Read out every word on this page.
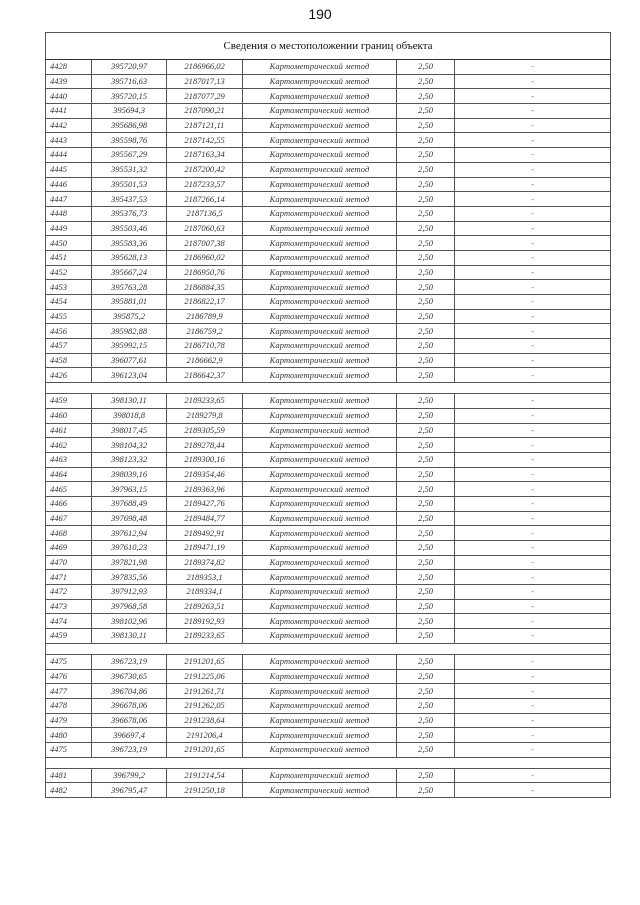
190
Сведения о местоположении границ объекта					
4428	395720,97	2186966,02	Картометрический метод	2,50	-
4439	395716,63	2187017,13	Картометрический метод	2,50	-
4440	395720,15	2187077,29	Картометрический метод	2,50	-
4441	395694,3	2187090,21	Картометрический метод	2,50	-
4442	395686,98	2187121,11	Картометрический метод	2,50	-
4443	395598,76	2187142,55	Картометрический метод	2,50	-
4444	395567,29	2187163,34	Картометрический метод	2,50	-
4445	395531,32	2187200,42	Картометрический метод	2,50	-
4446	395501,53	2187233,57	Картометрический метод	2,50	-
4447	395437,53	2187266,14	Картометрический метод	2,50	-
4448	395376,73	2187136,5	Картометрический метод	2,50	-
4449	395503,46	2187060,63	Картометрический метод	2,50	-
4450	395583,36	2187007,38	Картометрический метод	2,50	-
4451	395628,13	2186960,02	Картометрический метод	2,50	-
4452	395667,24	2186950,76	Картометрический метод	2,50	-
4453	395763,28	2186884,35	Картометрический метод	2,50	-
4454	395881,01	2186822,17	Картометрический метод	2,50	-
4455	395875,2	2186789,9	Картометрический метод	2,50	-
4456	395982,88	2186759,2	Картометрический метод	2,50	-
4457	395992,15	2186710,78	Картометрический метод	2,50	-
4458	396077,61	2186662,9	Картометрический метод	2,50	-
4426	396123,04	2186642,37	Картометрический метод	2,50	-

4459	398130,11	2189233,65	Картометрический метод	2,50	-
4460	398018,8	2189279,8	Картометрический метод	2,50	-
4461	398017,45	2189305,59	Картометрический метод	2,50	-
4462	398104,32	2189278,44	Картометрический метод	2,50	-
4463	398123,32	2189300,16	Картометрический метод	2,50	-
4464	398039,16	2189354,46	Картометрический метод	2,50	-
4465	397963,15	2189363,96	Картометрический метод	2,50	-
4466	397688,49	2189427,76	Картометрический метод	2,50	-
4467	397698,48	2189484,77	Картометрический метод	2,50	-
4468	397612,94	2189492,91	Картометрический метод	2,50	-
4469	397610,23	2189471,19	Картометрический метод	2,50	-
4470	397821,98	2189374,82	Картометрический метод	2,50	-
4471	397835,56	2189353,1	Картометрический метод	2,50	-
4472	397912,93	2189334,1	Картометрический метод	2,50	-
4473	397968,58	2189263,51	Картометрический метод	2,50	-
4474	398102,96	2189192,93	Картометрический метод	2,50	-
4459	398130,11	2189233,65	Картометрический метод	2,50	-

4475	396723,19	2191201,65	Картометрический метод	2,50	-
4476	396730,65	2191225,06	Картометрический метод	2,50	-
4477	396704,86	2191261,71	Картометрический метод	2,50	-
4478	396678,06	2191262,05	Картометрический метод	2,50	-
4479	396678,06	2191238,64	Картометрический метод	2,50	-
4480	396697,4	2191206,4	Картометрический метод	2,50	-
4475	396723,19	2191201,65	Картометрический метод	2,50	-

4481	396799,2	2191214,54	Картометрический метод	2,50	-
4482	396795,47	2191250,18	Картометрический метод	2,50	-
